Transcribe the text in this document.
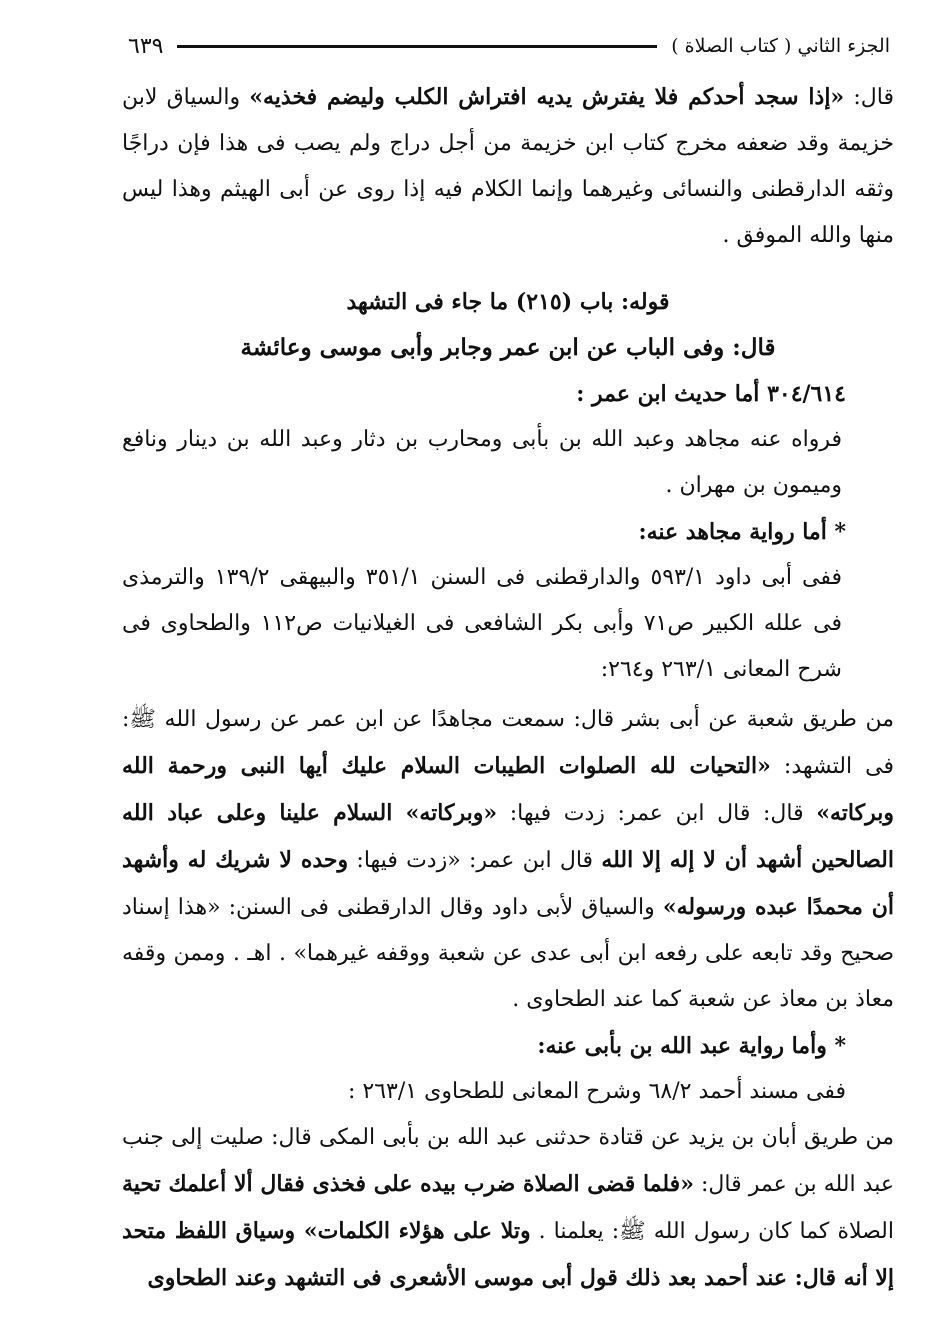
الجزء الثاني ( كتاب الصلاة )
٦٣٩

قال: «إذا سجد أحدكم فلا يفترش يديه افتراش الكلب وليضم فخذيه» والسياق لابن خزيمة وقد ضعفه مخرج كتاب ابن خزيمة من أجل دراج ولم يصب فى هذا فإن دراجًا وثقه الدارقطنى والنسائى وغيرهما وإنما الكلام فيه إذا روى عن أبى الهيثم وهذا ليس منها والله الموفق .

قوله: باب (٢١٥) ما جاء فى التشهد

قال: وفى الباب عن ابن عمر وجابر وأبى موسى وعائشة

٣٠٤/٦١٤ أما حديث ابن عمر :

فرواه عنه مجاهد وعبد الله بن بأبى ومحارب بن دثار وعبد الله بن دينار ونافع وميمون بن مهران .

* أما رواية مجاهد عنه:

ففى أبى داود ٥٩٣/١ والدارقطنى فى السنن ٣٥١/١ والبيهقى ١٣٩/٢ والترمذى فى علله الكبير ص٧١ وأبى بكر الشافعى فى الغيلانيات ص١١٢ والطحاوى فى شرح المعانى ٢٦٣/١ و٢٦٤:

من طريق شعبة عن أبى بشر قال: سمعت مجاهدًا عن ابن عمر عن رسول الله ﷺ: فى التشهد: «التحيات لله الصلوات الطيبات السلام عليك أيها النبى ورحمة الله وبركاته» قال: قال ابن عمر: زدت فيها: «وبركاته» السلام علينا وعلى عباد الله الصالحين أشهد أن لا إله إلا الله قال ابن عمر: «زدت فيها: وحده لا شريك له وأشهد أن محمدًا عبده ورسوله» والسياق لأبى داود وقال الدارقطنى فى السنن: «هذا إسناد صحيح وقد تابعه على رفعه ابن أبى عدى عن شعبة ووقفه غيرهما» . اهـ . وممن وقفه معاذ بن معاذ عن شعبة كما عند الطحاوى .

* وأما رواية عبد الله بن بأبى عنه:

ففى مسند أحمد ٦٨/٢ وشرح المعانى للطحاوى ٢٦٣/١ :

من طريق أبان بن يزيد عن قتادة حدثنى عبد الله بن بأبى المكى قال: صليت إلى جنب عبد الله بن عمر قال: «فلما قضى الصلاة ضرب بيده على فخذى فقال ألا أعلمك تحية الصلاة كما كان رسول الله ﷺ: يعلمنا . وتلا على هؤلاء الكلمات» وسياق اللفظ متحد إلا أنه قال: عند أحمد بعد ذلك قول أبى موسى الأشعرى فى التشهد وعند الطحاوى
